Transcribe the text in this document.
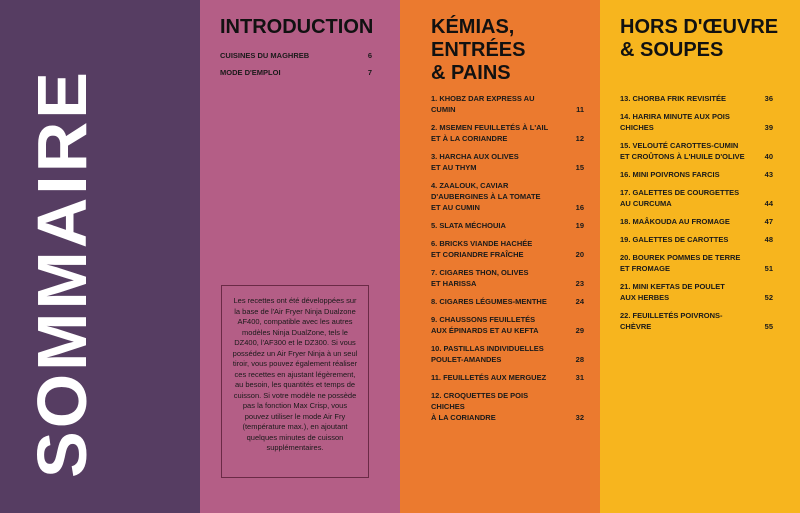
SOMMAIRE
INTRODUCTION
CUISINES DU MAGHREB	6
MODE D'EMPLOI	7
Les recettes ont été développées sur la base de l'Air Fryer Ninja Dualzone AF400, compatible avec les autres modèles Ninja DualZone, tels le DZ400, l'AF300 et le DZ300. Si vous possédez un Air Fryer Ninja à un seul tiroir, vous pouvez également réaliser ces recettes en ajustant légèrement, au besoin, les quantités et temps de cuisson. Si votre modèle ne possède pas la fonction Max Crisp, vous pouvez utiliser le mode Air Fry (température max.), en ajoutant quelques minutes de cuisson supplémentaires.
KÉMIAS,
ENTRÉES
& PAINS
1. KHOBZ DAR EXPRESS AU CUMIN	11
2. MSEMEN FEUILLETÉS À L'AIL
ET À LA CORIANDRE	12
3. HARCHA AUX OLIVES
ET AU THYM	15
4. ZAALOUK, CAVIAR
D'AUBERGINES À LA TOMATE
ET AU CUMIN	16
5. SLATA MÉCHOUIA	19
6. BRICKS VIANDE HACHÉE
ET CORIANDRE FRAÎCHE	20
7. CIGARES THON, OLIVES
ET HARISSA	23
8. CIGARES LÉGUMES-MENTHE	24
9. CHAUSSONS FEUILLETÉS
AUX ÉPINARDS ET AU KEFTA	29
10. PASTILLAS INDIVIDUELLES
POULET-AMANDES	28
11. FEUILLETÉS AUX MERGUEZ	31
12. CROQUETTES DE POIS CHICHES
À LA CORIANDRE	32
HORS D'ŒUVRE
& SOUPES
13. CHORBA FRIK REVISITÉE	36
14. HARIRA MINUTE AUX POIS
CHICHES	39
15. VELOUTÉ CAROTTES-CUMIN
ET CROÛTONS À L'HUILE D'OLIVE	40
16. MINI POIVRONS FARCIS	43
17. GALETTES DE COURGETTES
AU CURCUMA	44
18. MAÂKOUDA AU FROMAGE	47
19. GALETTES DE CAROTTES	48
20. BOUREK POMMES DE TERRE
ET FROMAGE	51
21. MINI KEFTAS DE POULET
AUX HERBES	52
22. FEUILLETÉS POIVRONS-CHÈVRE	55
